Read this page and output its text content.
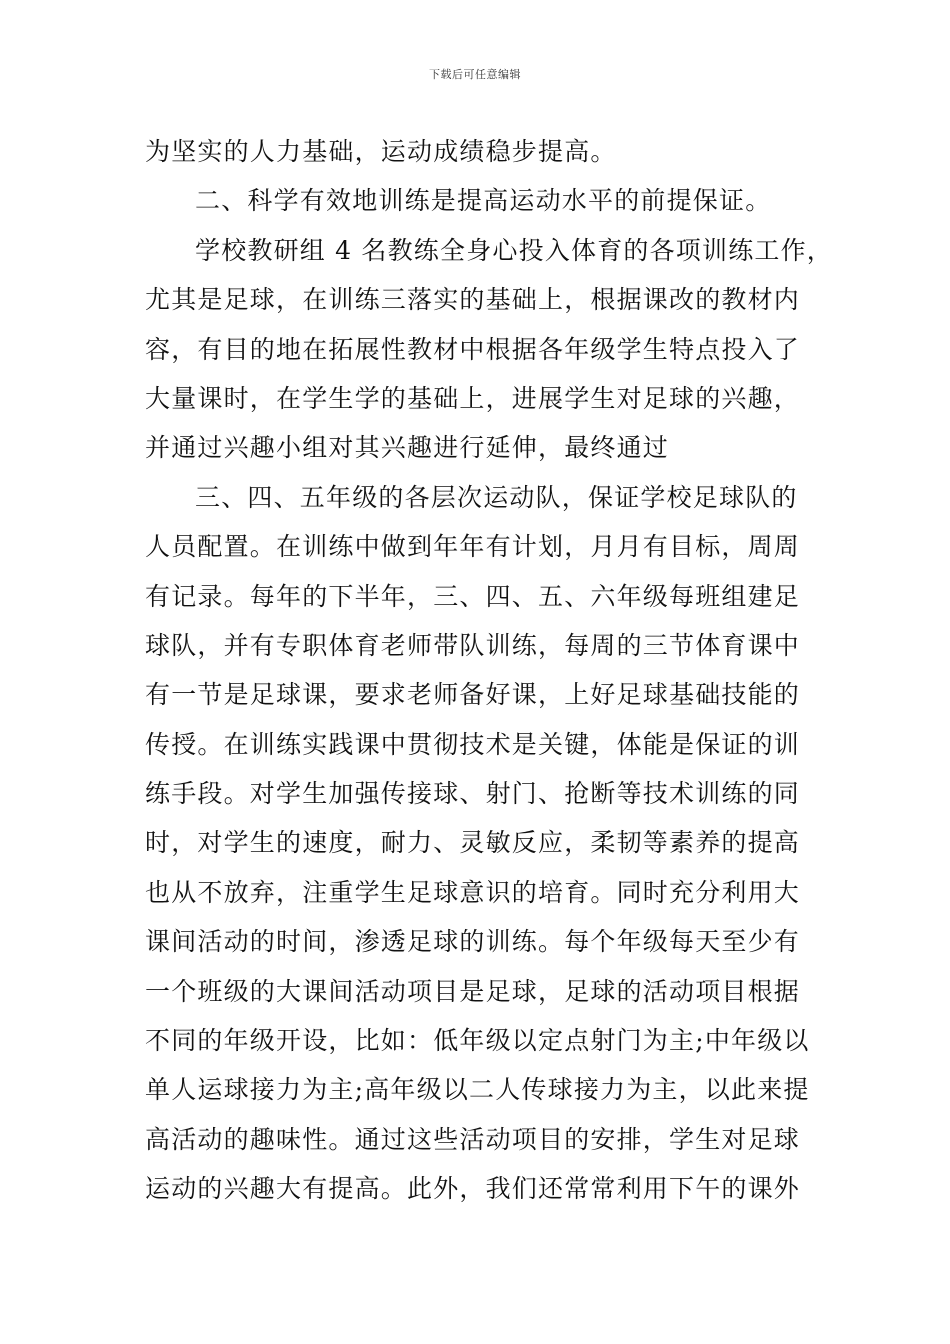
下载后可任意编辑
为坚实的人力基础，运动成绩稳步提高。
二、科学有效地训练是提高运动水平的前提保证。
学校教研组 4 名教练全身心投入体育的各项训练工作，
尤其是足球，在训练三落实的基础上，根据课改的教材内
容，有目的地在拓展性教材中根据各年级学生特点投入了
大量课时，在学生学的基础上，进展学生对足球的兴趣，
并通过兴趣小组对其兴趣进行延伸，最终通过
三、四、五年级的各层次运动队，保证学校足球队的
人员配置。在训练中做到年年有计划，月月有目标，周周
有记录。每年的下半年，三、四、五、六年级每班组建足
球队，并有专职体育老师带队训练，每周的三节体育课中
有一节是足球课，要求老师备好课，上好足球基础技能的
传授。在训练实践课中贯彻技术是关键，体能是保证的训
练手段。对学生加强传接球、射门、抢断等技术训练的同
时，对学生的速度，耐力、灵敏反应，柔韧等素养的提高
也从不放弃，注重学生足球意识的培育。同时充分利用大
课间活动的时间，渗透足球的训练。每个年级每天至少有
一个班级的大课间活动项目是足球，足球的活动项目根据
不同的年级开设，比如：低年级以定点射门为主;中年级以
单人运球接力为主;高年级以二人传球接力为主，以此来提
高活动的趣味性。通过这些活动项目的安排，学生对足球
运动的兴趣大有提高。此外，我们还常常利用下午的课外
